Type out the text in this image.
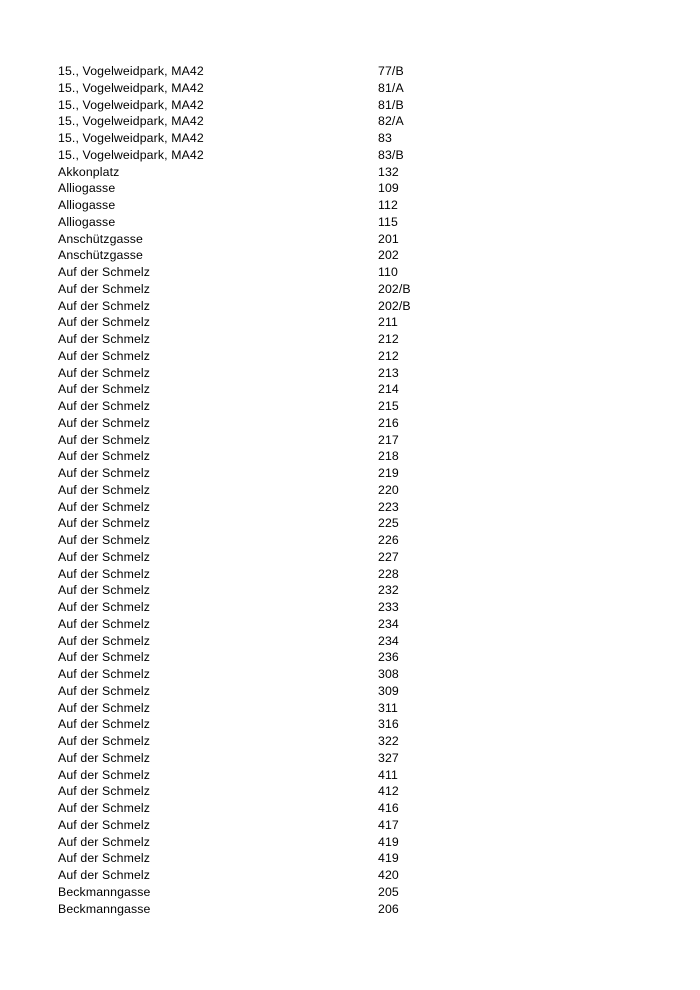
15., Vogelweidpark, MA42	77/B
15., Vogelweidpark, MA42	81/A
15., Vogelweidpark, MA42	81/B
15., Vogelweidpark, MA42	82/A
15., Vogelweidpark, MA42	83
15., Vogelweidpark, MA42	83/B
Akkonplatz	132
Alliogasse	109
Alliogasse	112
Alliogasse	115
Anschützgasse	201
Anschützgasse	202
Auf der Schmelz	110
Auf der Schmelz	202/B
Auf der Schmelz	202/B
Auf der Schmelz	211
Auf der Schmelz	212
Auf der Schmelz	212
Auf der Schmelz	213
Auf der Schmelz	214
Auf der Schmelz	215
Auf der Schmelz	216
Auf der Schmelz	217
Auf der Schmelz	218
Auf der Schmelz	219
Auf der Schmelz	220
Auf der Schmelz	223
Auf der Schmelz	225
Auf der Schmelz	226
Auf der Schmelz	227
Auf der Schmelz	228
Auf der Schmelz	232
Auf der Schmelz	233
Auf der Schmelz	234
Auf der Schmelz	234
Auf der Schmelz	236
Auf der Schmelz	308
Auf der Schmelz	309
Auf der Schmelz	311
Auf der Schmelz	316
Auf der Schmelz	322
Auf der Schmelz	327
Auf der Schmelz	411
Auf der Schmelz	412
Auf der Schmelz	416
Auf der Schmelz	417
Auf der Schmelz	419
Auf der Schmelz	419
Auf der Schmelz	420
Beckmanngasse	205
Beckmanngasse	206
